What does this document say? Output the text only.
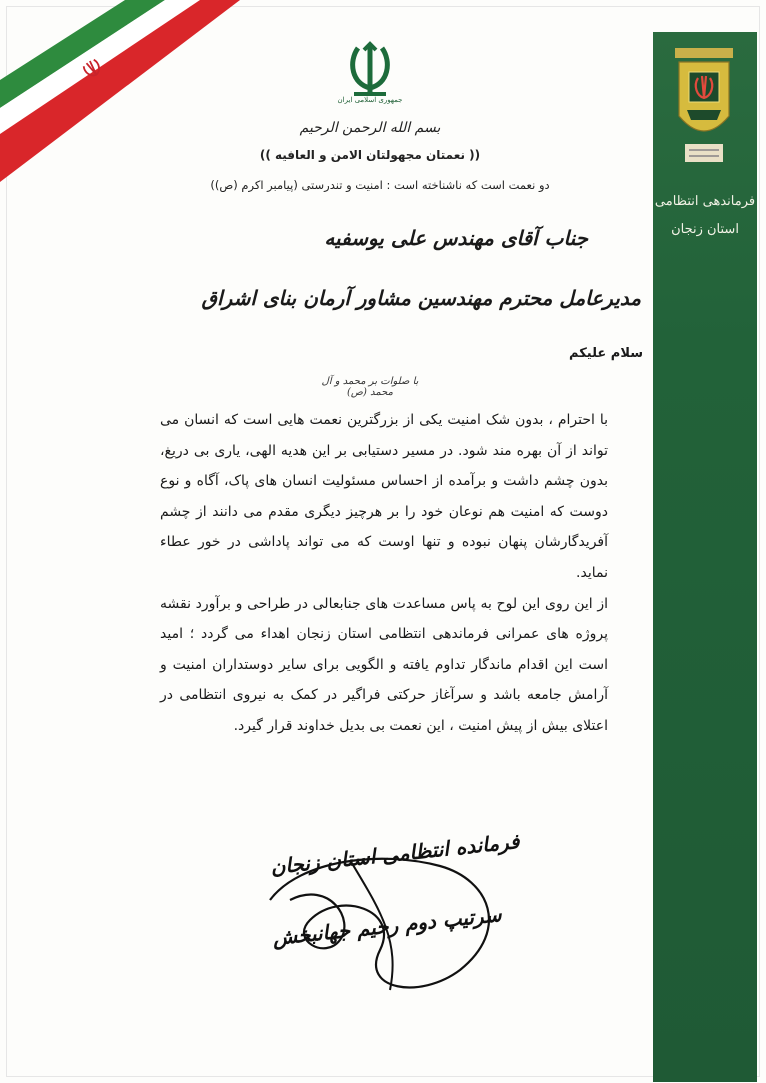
فرماندهی انتظامی
استان زنجان
جمهوری اسلامی ایران
بسم الله الرحمن الرحیم
(( نعمتان مجهولتان الامن و العافیه ))
دو نعمت است که ناشناخته است : امنیت و تندرستی (پیامبر اکرم (ص))
جناب آقای مهندس علی یوسفیه
مدیرعامل محترم مهندسین مشاور آرمان بنای اشراق
سلام علیکم
با صلوات بر محمد و آل محمد (ص)

با احترام ، بدون شک امنیت یکی از بزرگترین نعمت هایی است که انسان می تواند از آن بهره مند شود. در مسیر دستیابی بر این هدیه الهی، یاری بی دریغ، بدون چشم داشت و برآمده از احساس مسئولیت انسان های پاک، آگاه و نوع دوست که امنیت هم نوعان خود را بر هرچیز دیگری مقدم می دانند از چشم آفریدگارشان پنهان نبوده و تنها اوست که می تواند پاداشی در خور عطاء نماید.

از این روی این لوح به پاس مساعدت های جنابعالی در طراحی و برآورد نقشه پروژه های عمرانی فرماندهی انتظامی استان زنجان اهداء می گردد ؛ امید است این اقدام ماندگار تداوم یافته و الگویی برای سایر دوستداران امنیت و آرامش جامعه باشد و سرآغاز حرکتی فراگیر در کمک به نیروی انتظامی در اعتلای بیش از پیش امنیت ، این نعمت بی بدیل خداوند قرار گیرد.

فرمانده انتظامی استان زنجان
سرتیپ دوم رحیم جهانبخش
